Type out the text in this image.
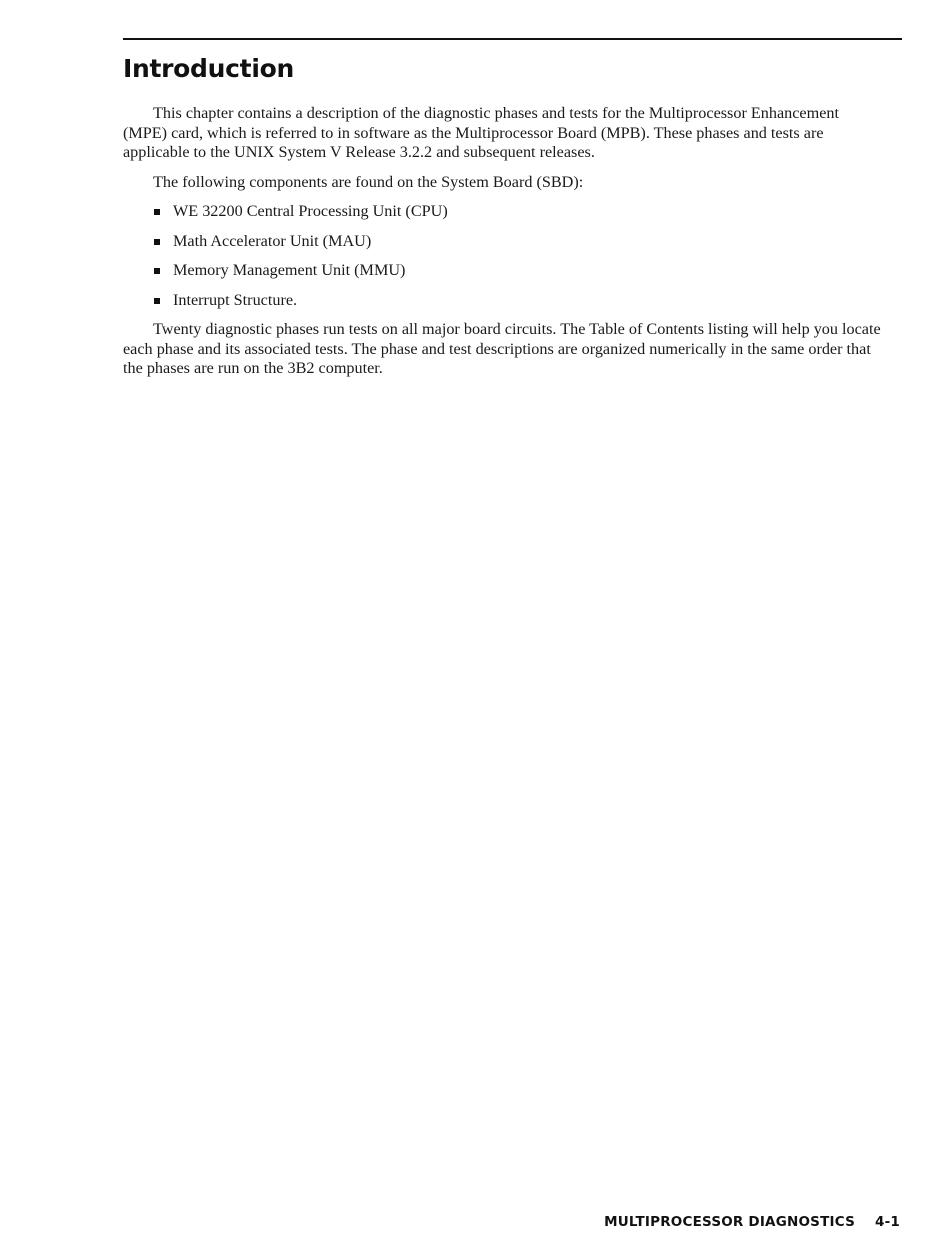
Introduction

This chapter contains a description of the diagnostic phases and tests for the Multiprocessor Enhancement (MPE) card, which is referred to in software as the Multiprocessor Board (MPB). These phases and tests are applicable to the UNIX System V Release 3.2.2 and subsequent releases.

The following components are found on the System Board (SBD):

WE 32200 Central Processing Unit (CPU)
Math Accelerator Unit (MAU)
Memory Management Unit (MMU)
Interrupt Structure.

Twenty diagnostic phases run tests on all major board circuits. The Table of Contents listing will help you locate each phase and its associated tests. The phase and test descriptions are organized numerically in the same order that the phases are run on the 3B2 computer.

MULTIPROCESSOR DIAGNOSTICS 4-1
